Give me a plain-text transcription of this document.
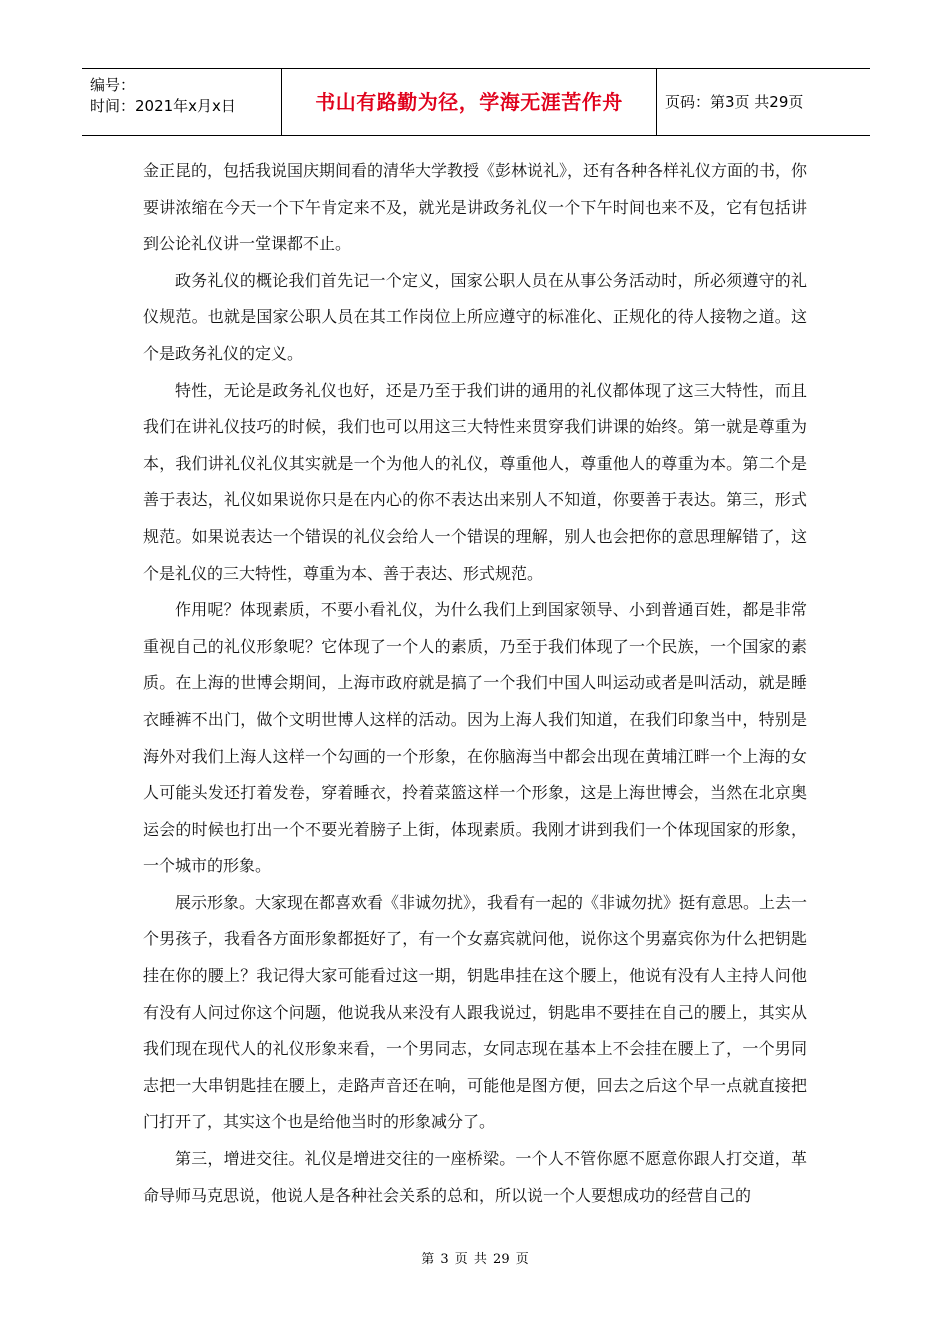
编号：
时间：2021年x月x日	书山有路勤为径，学海无涯苦作舟	页码：第3页 共29页

金正昆的，包括我说国庆期间看的清华大学教授《彭林说礼》，还有各种各样礼仪方面的书，你要讲浓缩在今天一个下午肯定来不及，就光是讲政务礼仪一个下午时间也来不及，它有包括讲到公论礼仪讲一堂课都不止。

政务礼仪的概论我们首先记一个定义，国家公职人员在从事公务活动时，所必须遵守的礼仪规范。也就是国家公职人员在其工作岗位上所应遵守的标准化、正规化的待人接物之道。这个是政务礼仪的定义。

特性，无论是政务礼仪也好，还是乃至于我们讲的通用的礼仪都体现了这三大特性，而且我们在讲礼仪技巧的时候，我们也可以用这三大特性来贯穿我们讲课的始终。第一就是尊重为本，我们讲礼仪礼仪其实就是一个为他人的礼仪，尊重他人，尊重他人的尊重为本。第二个是善于表达，礼仪如果说你只是在内心的你不表达出来别人不知道，你要善于表达。第三，形式规范。如果说表达一个错误的礼仪会给人一个错误的理解，别人也会把你的意思理解错了，这个是礼仪的三大特性，尊重为本、善于表达、形式规范。

作用呢？体现素质，不要小看礼仪，为什么我们上到国家领导、小到普通百姓，都是非常重视自己的礼仪形象呢？它体现了一个人的素质，乃至于我们体现了一个民族，一个国家的素质。在上海的世博会期间，上海市政府就是搞了一个我们中国人叫运动或者是叫活动，就是睡衣睡裤不出门，做个文明世博人这样的活动。因为上海人我们知道，在我们印象当中，特别是海外对我们上海人这样一个勾画的一个形象，在你脑海当中都会出现在黄埔江畔一个上海的女人可能头发还打着发卷，穿着睡衣，拎着菜篮这样一个形象，这是上海世博会，当然在北京奥运会的时候也打出一个不要光着膀子上街，体现素质。我刚才讲到我们一个体现国家的形象，一个城市的形象。

展示形象。大家现在都喜欢看《非诚勿扰》，我看有一起的《非诚勿扰》挺有意思。上去一个男孩子，我看各方面形象都挺好了，有一个女嘉宾就问他，说你这个男嘉宾你为什么把钥匙挂在你的腰上？我记得大家可能看过这一期，钥匙串挂在这个腰上，他说有没有人主持人问他有没有人问过你这个问题，他说我从来没有人跟我说过，钥匙串不要挂在自己的腰上，其实从我们现在现代人的礼仪形象来看，一个男同志，女同志现在基本上不会挂在腰上了，一个男同志把一大串钥匙挂在腰上，走路声音还在响，可能他是图方便，回去之后这个早一点就直接把门打开了，其实这个也是给他当时的形象减分了。

第三，增进交往。礼仪是增进交往的一座桥梁。一个人不管你愿不愿意你跟人打交道，革命导师马克思说，他说人是各种社会关系的总和，所以说一个人要想成功的经营自己的

第 3 页 共 29 页
